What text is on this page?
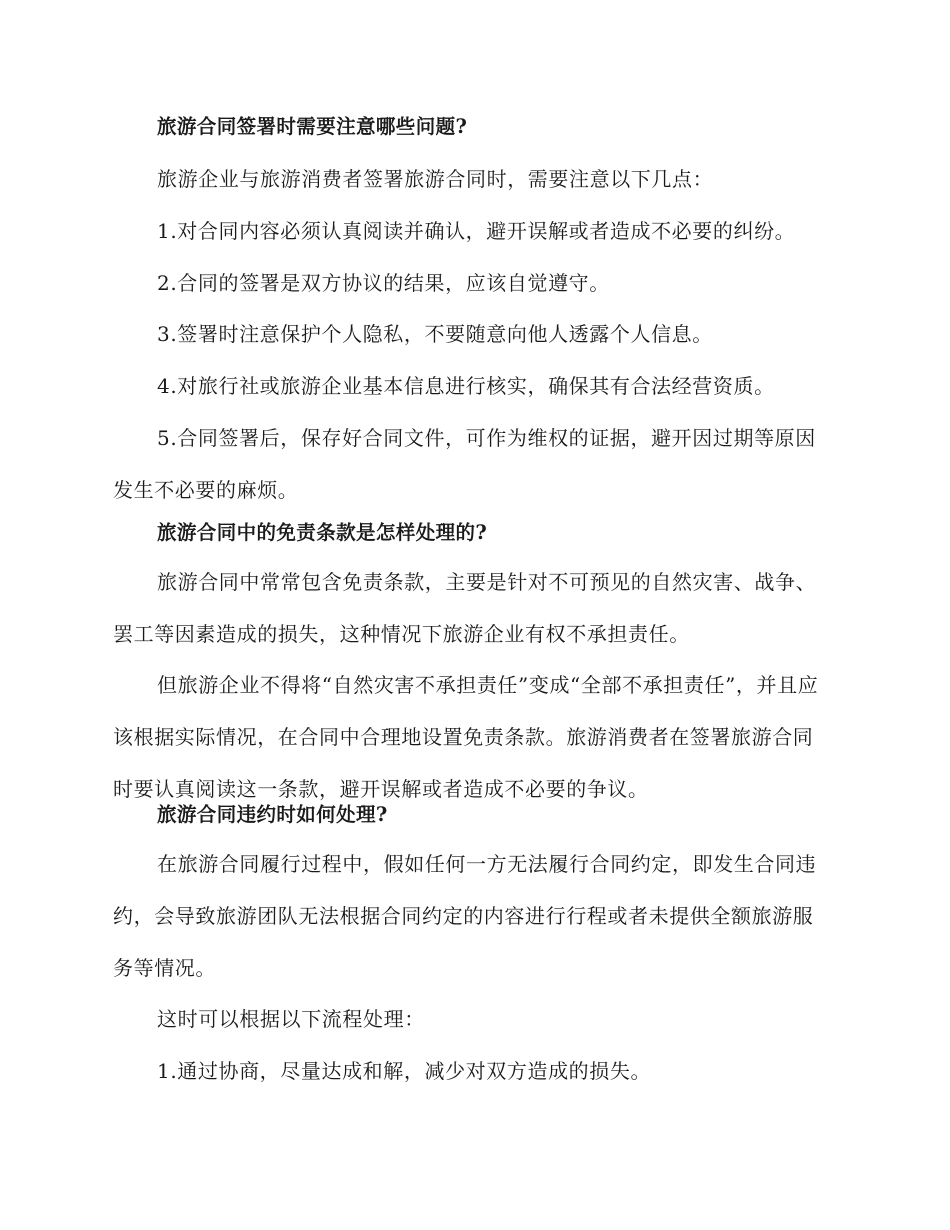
旅游合同签署时需要注意哪些问题?

旅游企业与旅游消费者签署旅游合同时，需要注意以下几点：

1.对合同内容必须认真阅读并确认，避开误解或者造成不必要的纠纷。

2.合同的签署是双方协议的结果，应该自觉遵守。

3.签署时注意保护个人隐私，不要随意向他人透露个人信息。

4.对旅行社或旅游企业基本信息进行核实，确保其有合法经营资质。

5.合同签署后，保存好合同文件，可作为维权的证据，避开因过期等原因发生不必要的麻烦。

旅游合同中的免责条款是怎样处理的?

旅游合同中常常包含免责条款，主要是针对不可预见的自然灾害、战争、罢工等因素造成的损失，这种情况下旅游企业有权不承担责任。

但旅游企业不得将“自然灾害不承担责任”变成“全部不承担责任”，并且应该根据实际情况，在合同中合理地设置免责条款。旅游消费者在签署旅游合同时要认真阅读这一条款，避开误解或者造成不必要的争议。

旅游合同违约时如何处理?

在旅游合同履行过程中，假如任何一方无法履行合同约定，即发生合同违约，会导致旅游团队无法根据合同约定的内容进行行程或者未提供全额旅游服务等情况。

这时可以根据以下流程处理：

1.通过协商，尽量达成和解，减少对双方造成的损失。
